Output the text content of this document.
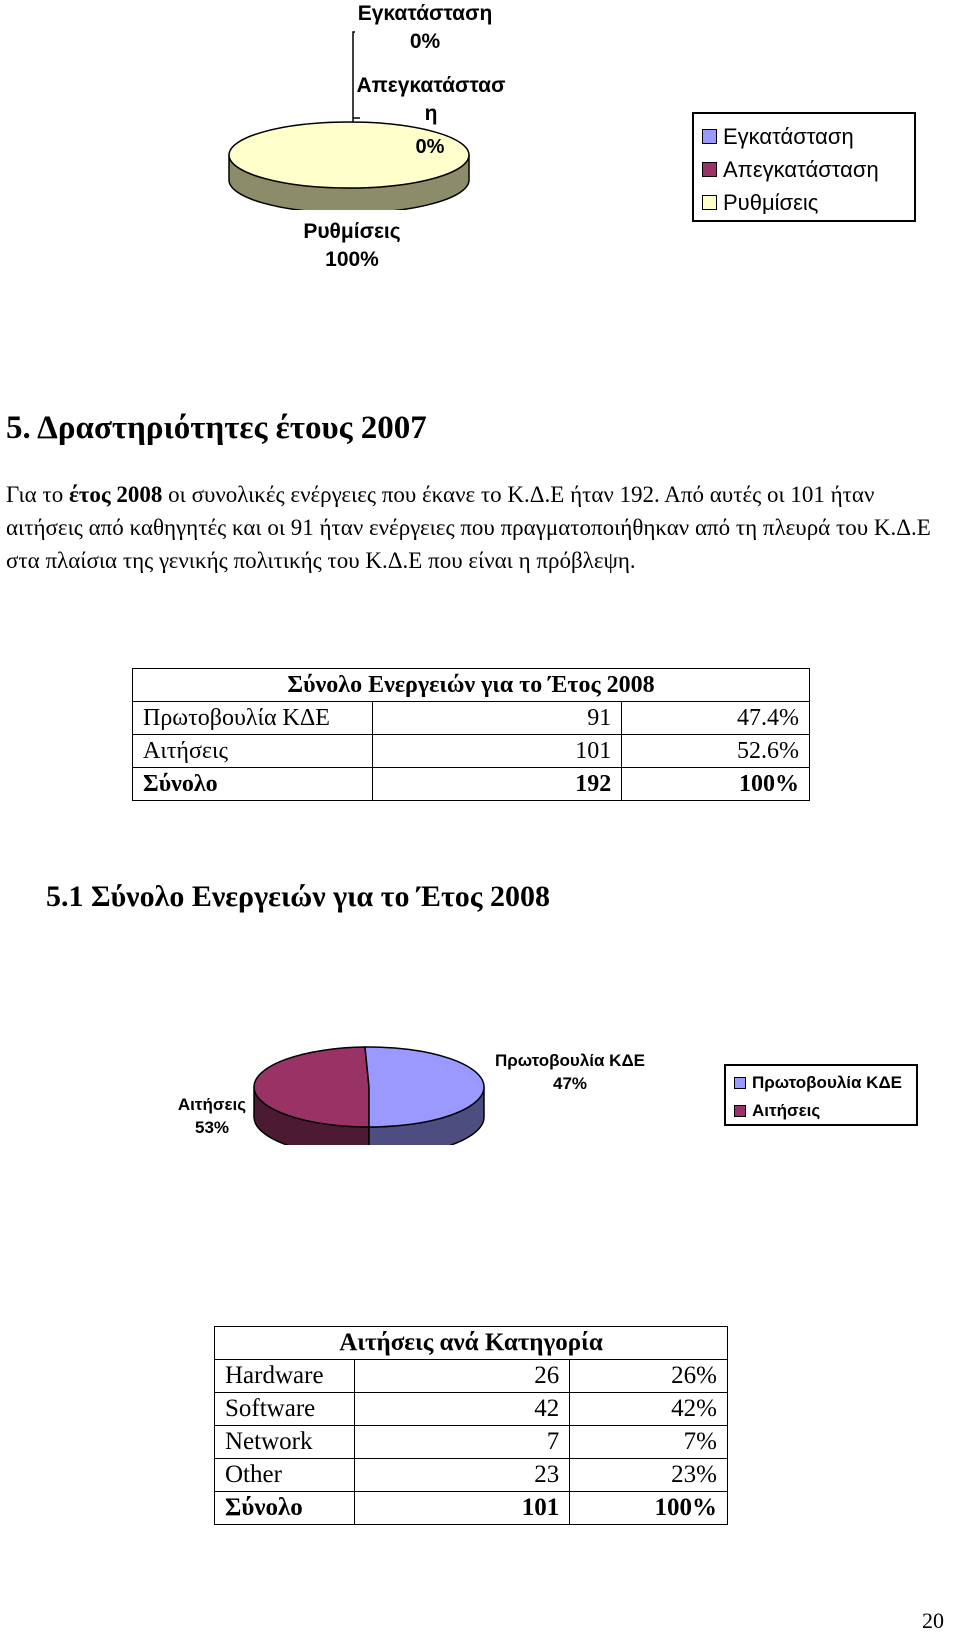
Εγκατάσταση
0%
Απεγκατάστασ
η
0%
Ρυθμίσεις
100%
Εγκατάσταση
Απεγκατάσταση
Ρυθμίσεις
5. Δραστηριότητες έτους 2007
Για το έτος 2008 οι συνολικές ενέργειες που έκανε το Κ.Δ.Ε ήταν 192. Από αυτές οι 101 ήταν αιτήσεις από καθηγητές και οι 91 ήταν ενέργειες που πραγματοποιήθηκαν από τη πλευρά του Κ.Δ.Ε στα πλαίσια της γενικής πολιτικής του Κ.Δ.Ε που είναι η πρόβλεψη.
Σύνολο Ενεργειών για το Έτος 2008		
Πρωτοβουλία ΚΔΕ	91	47.4%
Αιτήσεις	101	52.6%
Σύνολο	192	100%
5.1 Σύνολο Ενεργειών για το Έτος 2008
Πρωτοβουλία ΚΔΕ
47%
Αιτήσεις
53%
Πρωτοβουλία ΚΔΕ
Αιτήσεις
Αιτήσεις ανά Κατηγορία		
Hardware	26	26%
Software	42	42%
Network	7	7%
Other	23	23%
Σύνολο	101	100%
20
